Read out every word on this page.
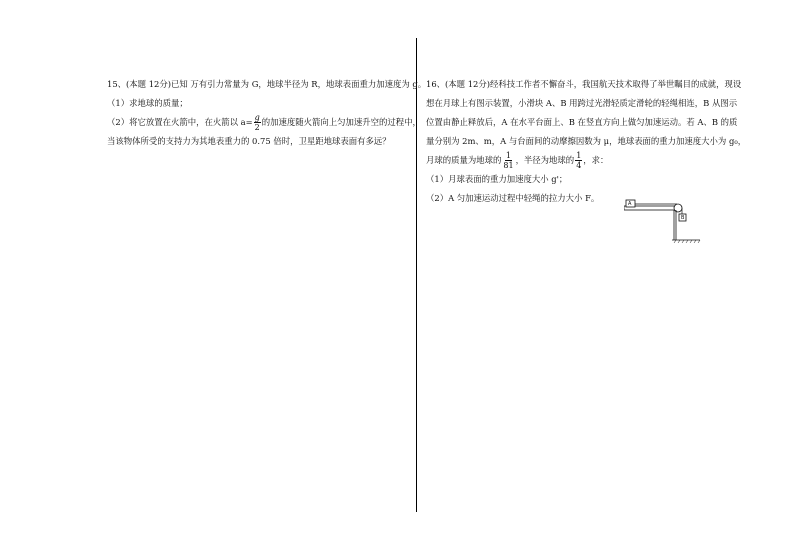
15、(本题 12分)已知 万有引力常量为 G，地球半径为 R，地球表面重力加速度为 g。
（1）求地球的质量；
（2）将它放置在火箭中，在火箭以 $a= \frac{g}{2}$ 的加速度随火箭向上匀加速升空的过程中，
当该物体所受的支持力为其地表重力的 0.75 倍时，卫星距地球表面有多远？
16、(本题 12分)经科技工作者不懈奋斗，我国航天技术取得了举世瞩目的成就，现设
想在月球上有图示装置，小滑块 A、B 用跨过光滑轻质定滑轮的轻绳相连，B 从图示
位置由静止释放后，A 在水平台面上、B 在竖直方向上做匀加速运动。若 A、B 的质
量分别为 2m、m，A 与台面间的动摩擦因数为 μ，地球表面的重力加速度大小为 g₀，
月球的质量为地球的 $\frac{1}{81}$ ，半径为地球的 $\frac{1}{4}$ ，求：
（1）月球表面的重力加速度大小 g'；
（2）A 匀加速运动过程中轻绳的拉力大小 F。
A
B
